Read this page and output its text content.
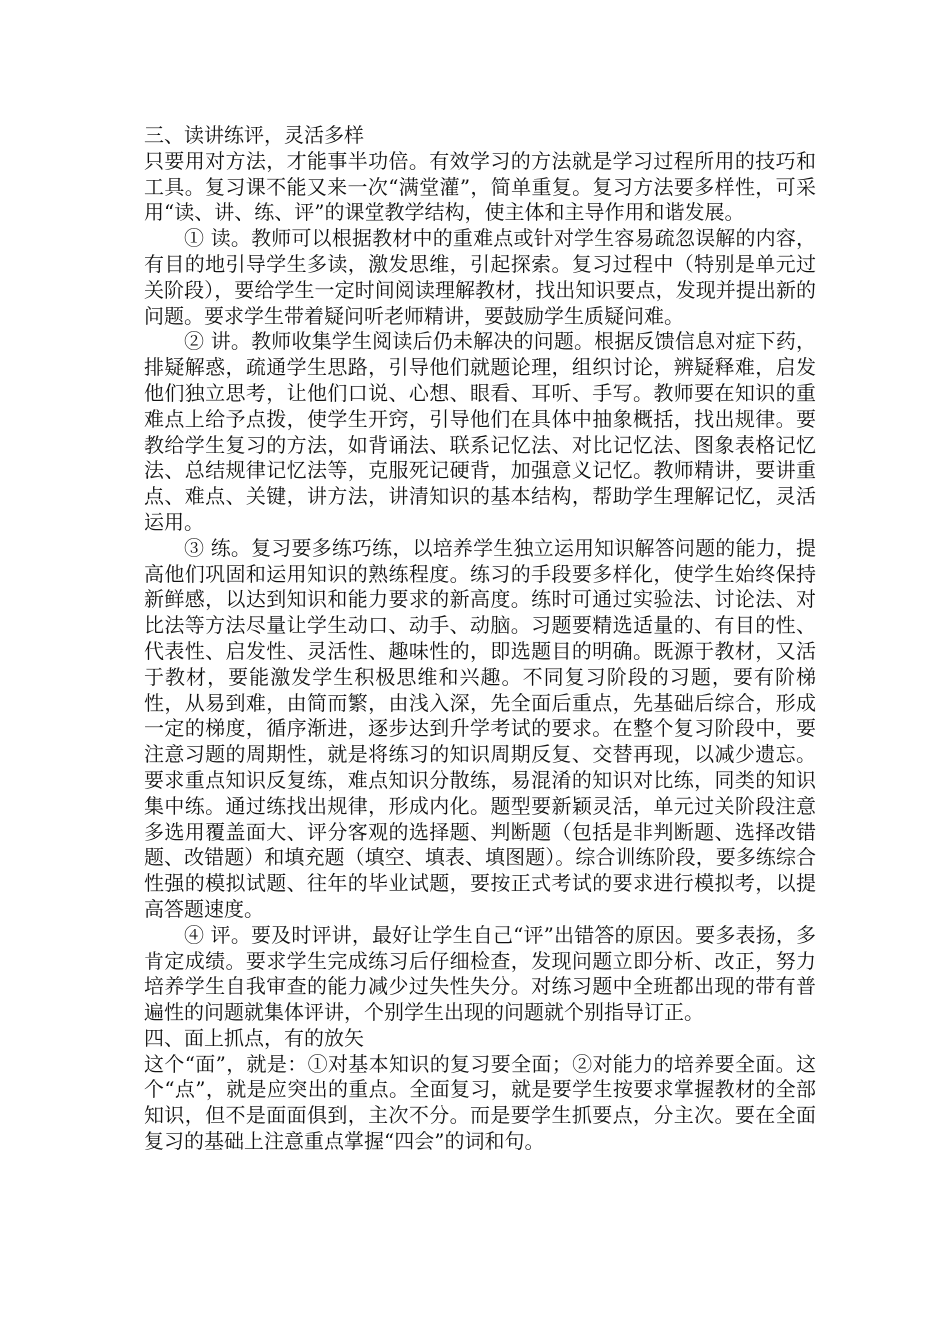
三、读讲练评，灵活多样

只要用对方法，才能事半功倍。有效学习的方法就是学习过程所用的技巧和工具。复习课不能又来一次“满堂灌”，简单重复。复习方法要多样性，可采用“读、讲、练、评”的课堂教学结构，使主体和主导作用和谐发展。

① 读。教师可以根据教材中的重难点或针对学生容易疏忽误解的内容，有目的地引导学生多读，激发思维，引起探索。复习过程中（特别是单元过关阶段），要给学生一定时间阅读理解教材，找出知识要点，发现并提出新的问题。要求学生带着疑问听老师精讲，要鼓励学生质疑问难。

② 讲。教师收集学生阅读后仍未解决的问题。根据反馈信息对症下药，排疑解惑，疏通学生思路，引导他们就题论理，组织讨论，辨疑释难，启发他们独立思考，让他们口说、心想、眼看、耳听、手写。教师要在知识的重难点上给予点拨，使学生开窍，引导他们在具体中抽象概括，找出规律。要教给学生复习的方法，如背诵法、联系记忆法、对比记忆法、图象表格记忆法、总结规律记忆法等，克服死记硬背，加强意义记忆。教师精讲，要讲重点、难点、关键，讲方法，讲清知识的基本结构，帮助学生理解记忆，灵活运用。

③ 练。复习要多练巧练，以培养学生独立运用知识解答问题的能力，提高他们巩固和运用知识的熟练程度。练习的手段要多样化，使学生始终保持新鲜感，以达到知识和能力要求的新高度。练时可通过实验法、讨论法、对比法等方法尽量让学生动口、动手、动脑。习题要精选适量的、有目的性、代表性、启发性、灵活性、趣味性的，即选题目的明确。既源于教材，又活于教材，要能激发学生积极思维和兴趣。不同复习阶段的习题，要有阶梯性，从易到难，由简而繁，由浅入深，先全面后重点，先基础后综合，形成一定的梯度，循序渐进，逐步达到升学考试的要求。在整个复习阶段中，要注意习题的周期性，就是将练习的知识周期反复、交替再现，以减少遗忘。要求重点知识反复练，难点知识分散练，易混淆的知识对比练，同类的知识集中练。通过练找出规律，形成内化。题型要新颖灵活，单元过关阶段注意多选用覆盖面大、评分客观的选择题、判断题（包括是非判断题、选择改错题、改错题）和填充题（填空、填表、填图题）。综合训练阶段，要多练综合性强的模拟试题、往年的毕业试题，要按正式考试的要求进行模拟考，以提高答题速度。

④ 评。要及时评讲，最好让学生自己“评”出错答的原因。要多表扬，多肯定成绩。要求学生完成练习后仔细检查，发现问题立即分析、改正，努力培养学生自我审查的能力减少过失性失分。对练习题中全班都出现的带有普遍性的问题就集体评讲，个别学生出现的问题就个别指导订正。

四、面上抓点，有的放矢

这个“面”，就是：①对基本知识的复习要全面；②对能力的培养要全面。这个“点”，就是应突出的重点。全面复习，就是要学生按要求掌握教材的全部知识，但不是面面俱到，主次不分。而是要学生抓要点，分主次。要在全面复习的基础上注意重点掌握“四会”的词和句。
